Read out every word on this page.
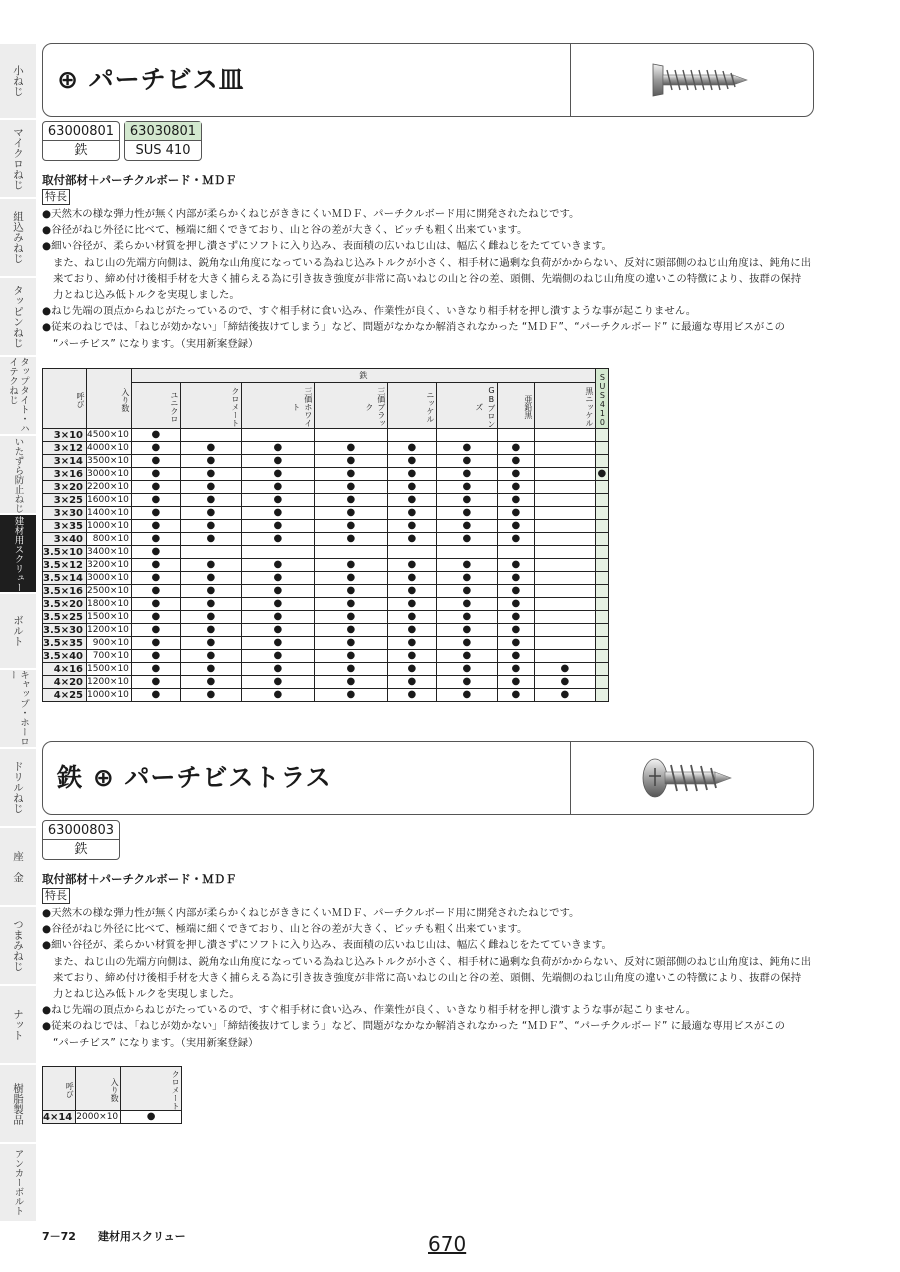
小ねじ
マイクロねじ
組込みねじ
タッピンねじ
タップタイト・ハイテクねじ
いたずら防止ねじ
建材用スクリュー
ボルト
キャップ・ホーロー
ドリルねじ
座　金
つまみねじ
ナット
樹脂製品
アンカーボルト
⊕ パーチビス皿
63000801
鉄
63030801
SUS 410
取付部材＋パーチクルボード・ＭＤＦ
特長

●天然木の様な弾力性が無く内部が柔らかくねじがききにくいＭＤＦ、パーチクルボード用に開発されたねじです。

●谷径がねじ外径に比べて、極端に細くできており、山と谷の差が大きく、ピッチも粗く出来ています。

●細い谷径が、柔らかい材質を押し潰さずにソフトに入り込み、表面積の広いねじ山は、幅広く雌ねじをたてていきます。

また、ねじ山の先端方向側は、鋭角な山角度になっている為ねじ込みトルクが小さく、相手材に過剰な負荷がかからない、反対に頭部側のねじ山角度は、鈍角に出

来ており、締め付け後相手材を大きく捕らえる為に引き抜き強度が非常に高いねじの山と谷の差、頭側、先端側のねじ山角度の違いこの特徴により、抜群の保持

力とねじ込み低トルクを実現しました。

●ねじ先端の頂点からねじがたっているので、すぐ相手材に食い込み、作業性が良く、いきなり相手材を押し潰すような事が起こりません。

●従来のねじでは、「ねじが効かない」「締結後抜けてしまう」など、問題がなかなか解消されなかった “ＭＤＦ”、“パーチクルボード” に最適な専用ビスがこの

“パーチビス” になります。（実用新案登録）

呼び	入り数	鉄								SUS410
		ユニクロ	クロメート	三価ホワイト	三価ブラック	ニッケル	GBブロンズ	亜鉛黒	黒ニッケル	
3×10	4500×10	●								
3×12	4000×10	●	●	●	●	●	●	●		
3×14	3500×10	●	●	●	●	●	●	●		
3×16	3000×10	●	●	●	●	●	●	●		●
3×20	2200×10	●	●	●	●	●	●	●		
3×25	1600×10	●	●	●	●	●	●	●		
3×30	1400×10	●	●	●	●	●	●	●		
3×35	1000×10	●	●	●	●	●	●	●		
3×40	800×10	●	●	●	●	●	●	●		
3.5×10	3400×10	●								
3.5×12	3200×10	●	●	●	●	●	●	●		
3.5×14	3000×10	●	●	●	●	●	●	●		
3.5×16	2500×10	●	●	●	●	●	●	●		
3.5×20	1800×10	●	●	●	●	●	●	●		
3.5×25	1500×10	●	●	●	●	●	●	●		
3.5×30	1200×10	●	●	●	●	●	●	●		
3.5×35	900×10	●	●	●	●	●	●	●		
3.5×40	700×10	●	●	●	●	●	●	●		
4×16	1500×10	●	●	●	●	●	●	●	●	
4×20	1200×10	●	●	●	●	●	●	●	●	
4×25	1000×10	●	●	●	●	●	●	●	●	
鉄 ⊕ パーチビストラス
63000803
鉄
取付部材＋パーチクルボード・ＭＤＦ
特長

●天然木の様な弾力性が無く内部が柔らかくねじがききにくいＭＤＦ、パーチクルボード用に開発されたねじです。

●谷径がねじ外径に比べて、極端に細くできており、山と谷の差が大きく、ピッチも粗く出来ています。

●細い谷径が、柔らかい材質を押し潰さずにソフトに入り込み、表面積の広いねじ山は、幅広く雌ねじをたてていきます。

また、ねじ山の先端方向側は、鋭角な山角度になっている為ねじ込みトルクが小さく、相手材に過剰な負荷がかからない、反対に頭部側のねじ山角度は、鈍角に出

来ており、締め付け後相手材を大きく捕らえる為に引き抜き強度が非常に高いねじの山と谷の差、頭側、先端側のねじ山角度の違いこの特徴により、抜群の保持

力とねじ込み低トルクを実現しました。

●ねじ先端の頂点からねじがたっているので、すぐ相手材に食い込み、作業性が良く、いきなり相手材を押し潰すような事が起こりません。

●従来のねじでは、「ねじが効かない」「締結後抜けてしまう」など、問題がなかなか解消されなかった “ＭＤＦ”、“パーチクルボード” に最適な専用ビスがこの

“パーチビス” になります。（実用新案登録）

呼び	入り数	クロメート
4×14	2000×10	●
7－72 建材用スクリュー	670
